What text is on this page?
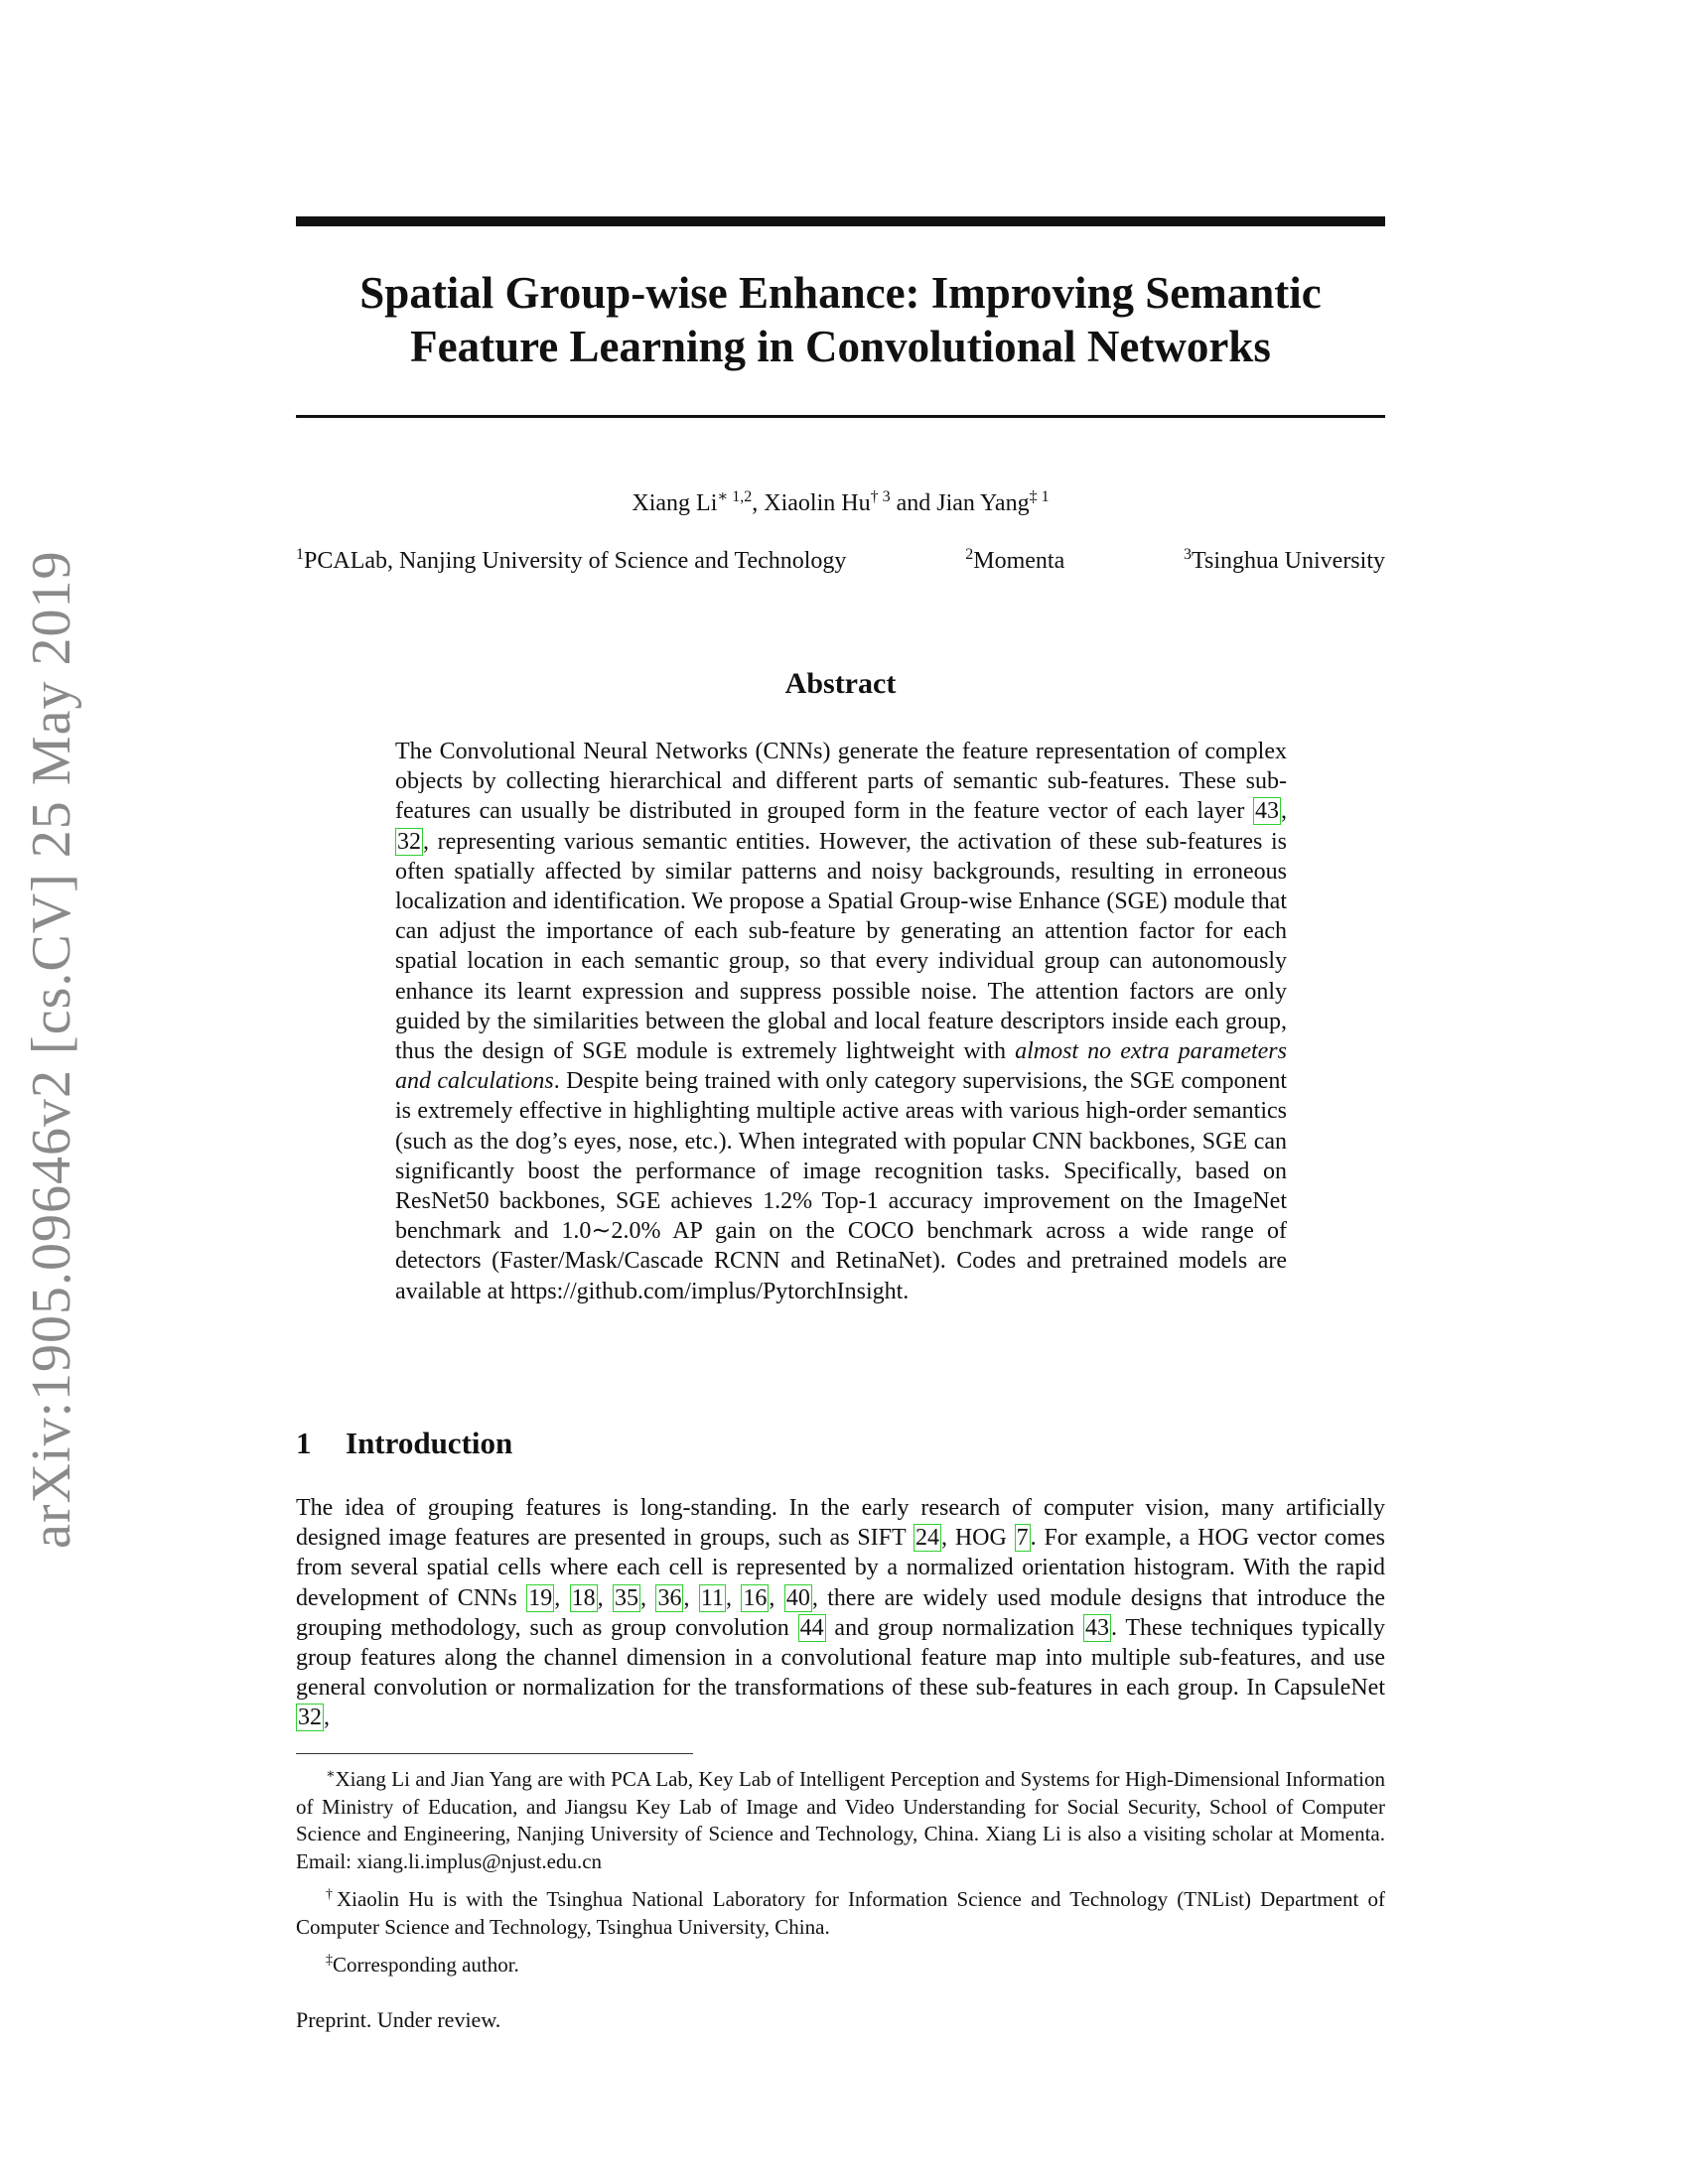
arXiv:1905.09646v2 [cs.CV] 25 May 2019
Spatial Group-wise Enhance: Improving Semantic
Feature Learning in Convolutional Networks
Xiang $Li^{∗ 1,2}$, Xiaolin Hu$^{\dagger 3}$ and Jian Yang$^{\ddagger 1}$
$^1$PCALab, Nanjing University of Science and Technology	$^2$Momenta	$^3$Tsinghua University
Abstract

The Convolutional Neural Networks (CNNs) generate the feature representation of complex objects by collecting hierarchical and different parts of semantic sub-features. These sub-features can usually be distributed in grouped form in the feature vector of each layer 43, 32, representing various semantic entities. However, the activation of these sub-features is often spatially affected by similar patterns and noisy backgrounds, resulting in erroneous localization and identification. We propose a Spatial Group-wise Enhance (SGE) module that can adjust the importance of each sub-feature by generating an attention factor for each spatial location in each semantic group, so that every individual group can autonomously enhance its learnt expression and suppress possible noise. The attention factors are only guided by the similarities between the global and local feature descriptors inside each group, thus the design of SGE module is extremely lightweight with almost no extra parameters and calculations. Despite being trained with only category supervisions, the SGE component is extremely effective in highlighting multiple active areas with various high-order semantics (such as the dog’s eyes, nose, etc.). When integrated with popular CNN backbones, SGE can significantly boost the performance of image recognition tasks. Specifically, based on ResNet50 backbones, SGE achieves 1.2% Top-1 accuracy improvement on the ImageNet benchmark and 1.0∼2.0% AP gain on the COCO benchmark across a wide range of detectors (Faster/Mask/Cascade RCNN and RetinaNet). Codes and pretrained models are available at https://github.com/implus/PytorchInsight.

1 Introduction

The idea of grouping features is long-standing. In the early research of computer vision, many artificially designed image features are presented in groups, such as SIFT 24, HOG 7. For example, a HOG vector comes from several spatial cells where each cell is represented by a normalized orientation histogram. With the rapid development of CNNs 19, 18, 35, 36, 11, 16, 40, there are widely used module designs that introduce the grouping methodology, such as group convolution 44 and group normalization 43. These techniques typically group features along the channel dimension in a convolutional feature map into multiple sub-features, and use general convolution or normalization for the transformations of these sub-features in each group. In CapsuleNet 32,

∗Xiang Li and Jian Yang are with PCA Lab, Key Lab of Intelligent Perception and Systems for High-Dimensional Information of Ministry of Education, and Jiangsu Key Lab of Image and Video Understanding for Social Security, School of Computer Science and Engineering, Nanjing University of Science and Technology, China. Xiang Li is also a visiting scholar at Momenta. Email: xiang.li.implus@njust.edu.cn

†Xiaolin Hu is with the Tsinghua National Laboratory for Information Science and Technology (TNList) Department of Computer Science and Technology, Tsinghua University, China.

‡Corresponding author.

Preprint. Under review.
